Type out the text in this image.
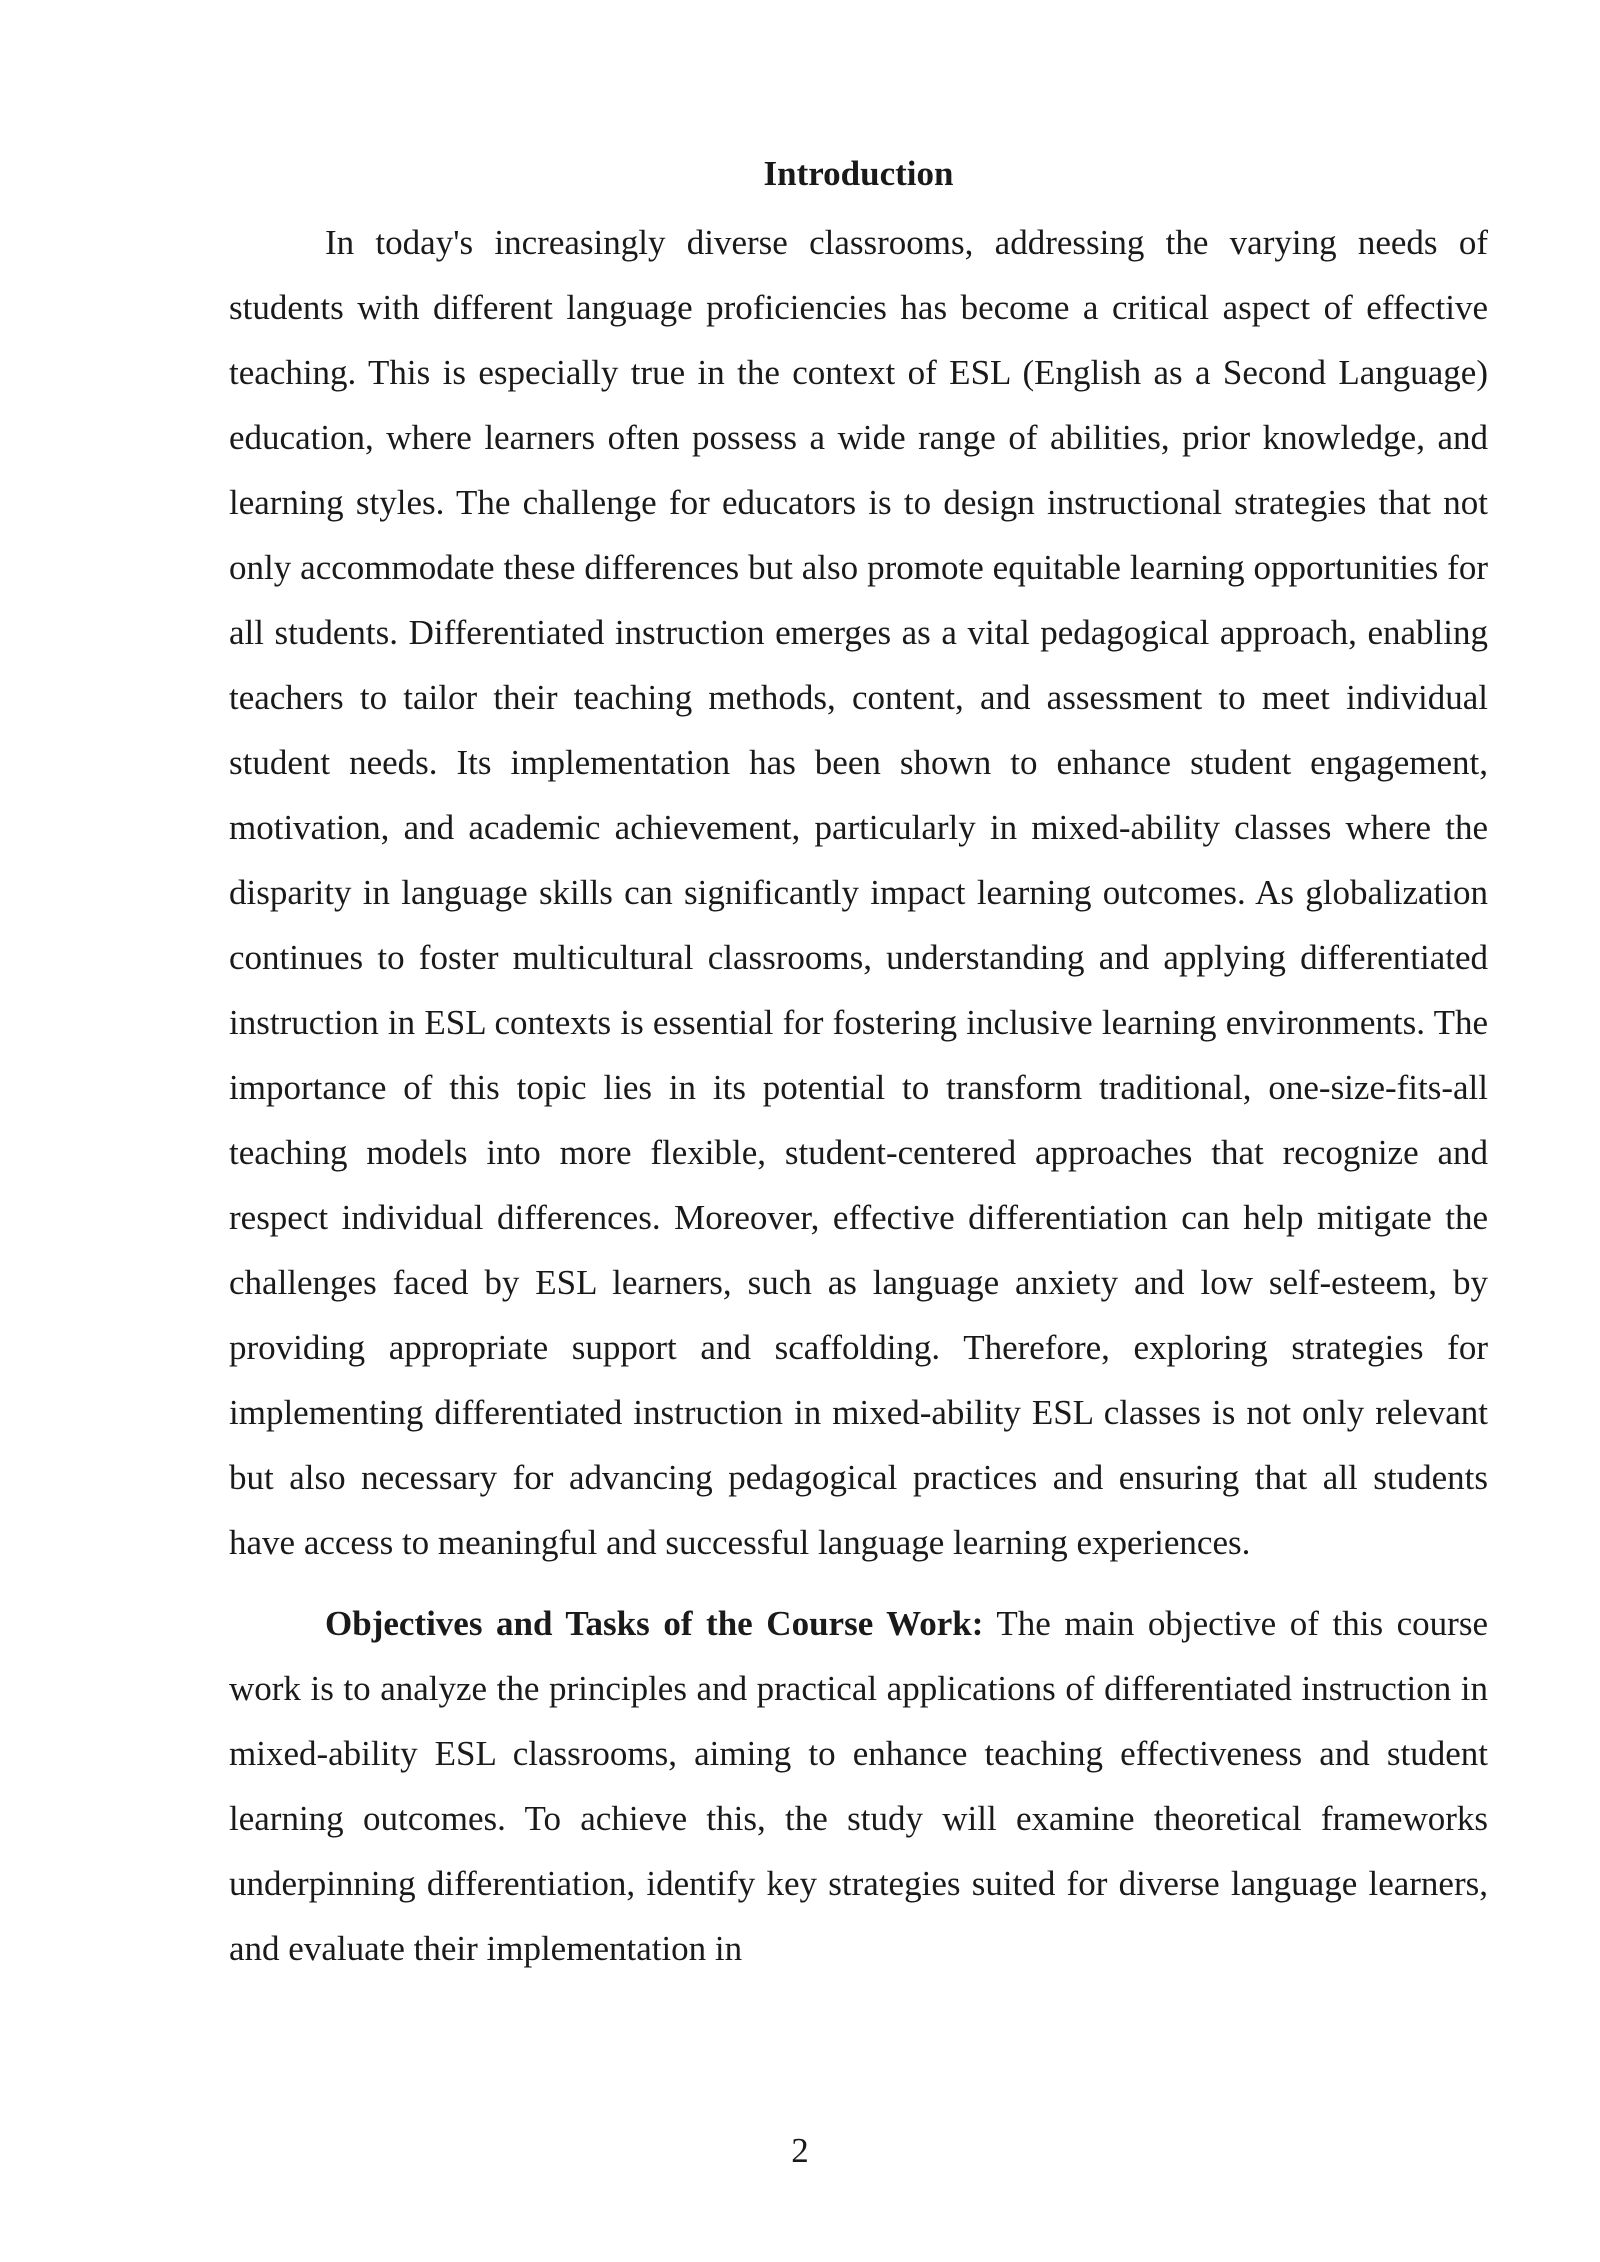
Introduction

In today's increasingly diverse classrooms, addressing the varying needs of students with different language proficiencies has become a critical aspect of effective teaching. This is especially true in the context of ESL (English as a Second Language) education, where learners often possess a wide range of abilities, prior knowledge, and learning styles. The challenge for educators is to design instructional strategies that not only accommodate these differences but also promote equitable learning opportunities for all students. Differentiated instruction emerges as a vital pedagogical approach, enabling teachers to tailor their teaching methods, content, and assessment to meet individual student needs. Its implementation has been shown to enhance student engagement, motivation, and academic achievement, particularly in mixed-ability classes where the disparity in language skills can significantly impact learning outcomes. As globalization continues to foster multicultural classrooms, understanding and applying differentiated instruction in ESL contexts is essential for fostering inclusive learning environments. The importance of this topic lies in its potential to transform traditional, one-size-fits-all teaching models into more flexible, student-centered approaches that recognize and respect individual differences. Moreover, effective differentiation can help mitigate the challenges faced by ESL learners, such as language anxiety and low self-esteem, by providing appropriate support and scaffolding. Therefore, exploring strategies for implementing differentiated instruction in mixed-ability ESL classes is not only relevant but also necessary for advancing pedagogical practices and ensuring that all students have access to meaningful and successful language learning experiences.

Objectives and Tasks of the Course Work: The main objective of this course work is to analyze the principles and practical applications of differentiated instruction in mixed-ability ESL classrooms, aiming to enhance teaching effectiveness and student learning outcomes. To achieve this, the study will examine theoretical frameworks underpinning differentiation, identify key strategies suited for diverse language learners, and evaluate their implementation in

2
